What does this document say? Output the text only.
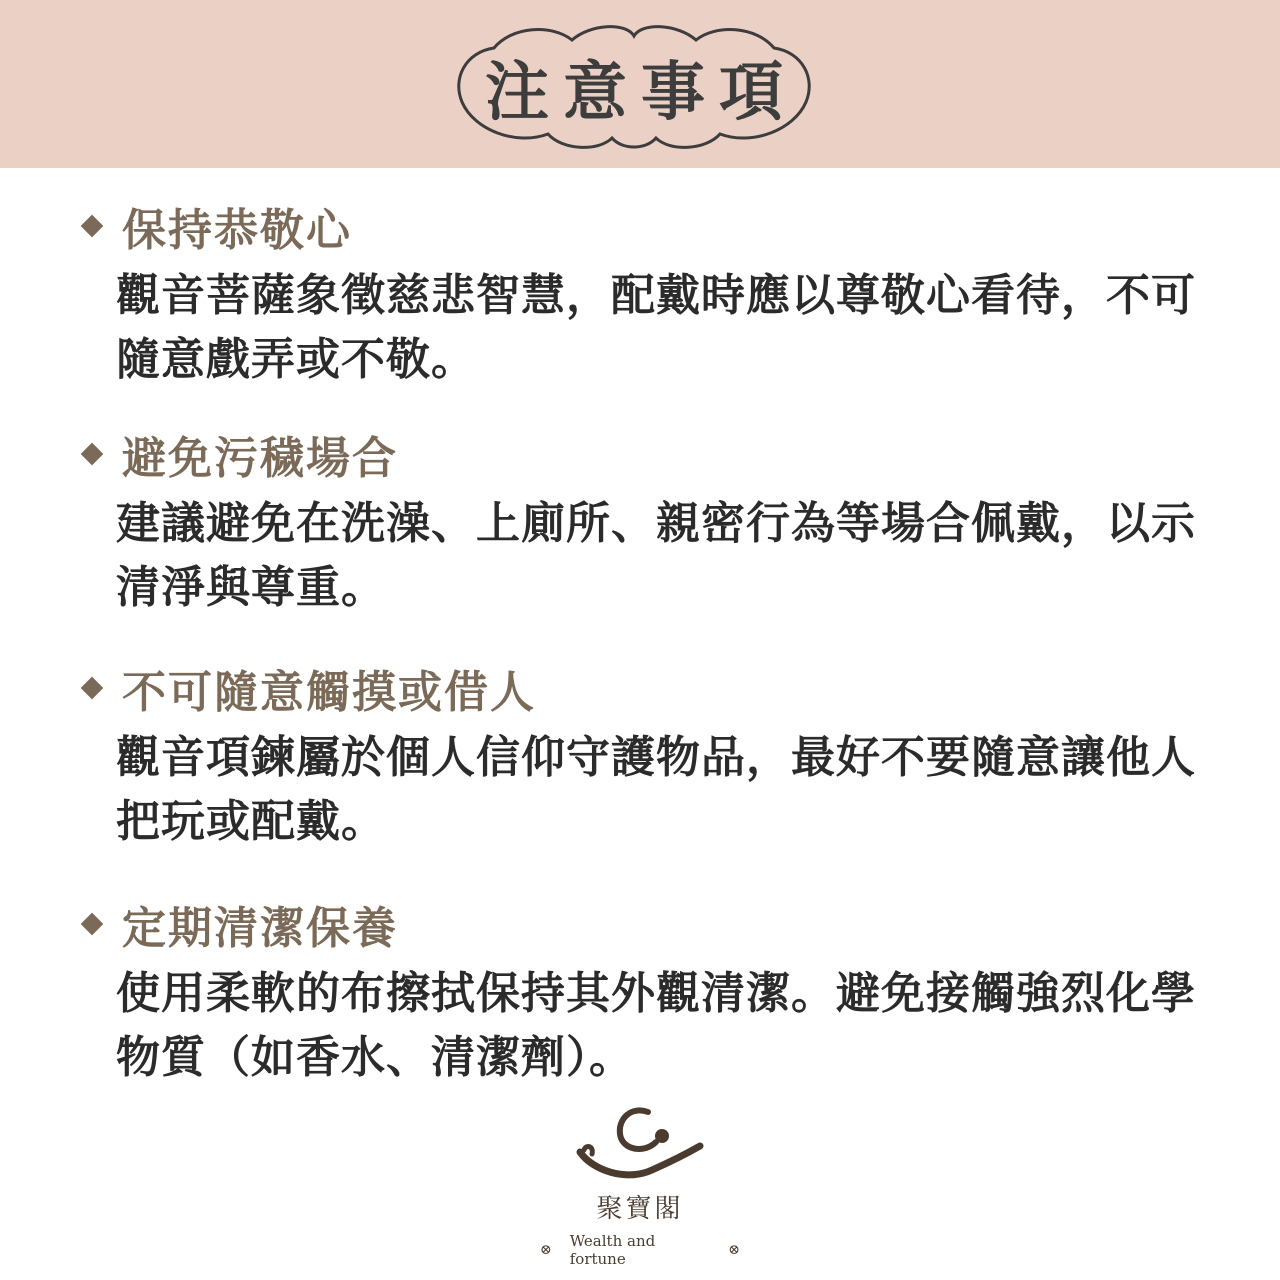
注意事項
保持恭敬心
觀音菩薩象徵慈悲智慧，配戴時應以尊敬心看待，不可隨意戲弄或不敬。
避免污穢場合
建議避免在洗澡、上廁所、親密行為等場合佩戴，以示清淨與尊重。
不可隨意觸摸或借人
觀音項鍊屬於個人信仰守護物品，最好不要隨意讓他人把玩或配戴。
定期清潔保養
使用柔軟的布擦拭保持其外觀清潔。避免接觸強烈化學物質（如香水、清潔劑）。
聚寶閣
⊗ Wealth and fortune	⊗
